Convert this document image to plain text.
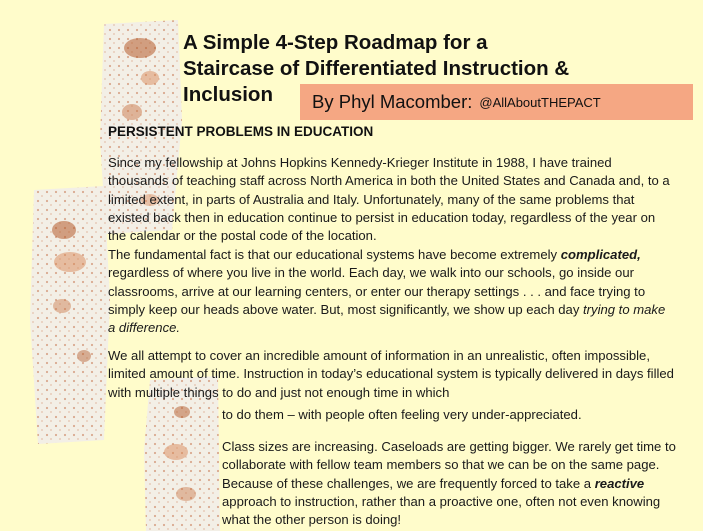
A Simple 4-Step Roadmap for a
Staircase of Differentiated Instruction &
Inclusion	By Phyl Macomber: @AllAboutTHEPACT
PERSISTENT PROBLEMS IN EDUCATION

Since my fellowship at Johns Hopkins Kennedy-Krieger Institute in 1988, I have trained thousands of teaching staff across North America in both the United States and Canada and, to a limited extent, in parts of Australia and Italy. Unfortunately, many of the same problems that existed back then in education continue to persist in education today, regardless of the year on the calendar or the postal code of the location.

The fundamental fact is that our educational systems have become extremely complicated, regardless of where you live in the world. Each day, we walk into our schools, go inside our classrooms, arrive at our learning centers, or enter our therapy settings . . . and face trying to simply keep our heads above water. But, most significantly, we show up each day trying to make a difference.

We all attempt to cover an incredible amount of information in an unrealistic, often impossible, limited amount of time. Instruction in today’s educational system is typically delivered in days filled with multiple things to do and just not enough time in which

to do them – with people often feeling very under-appreciated.

Class sizes are increasing. Caseloads are getting bigger. We rarely get time to collaborate with fellow team members so that we can be on the same page. Because of these challenges, we are frequently forced to take a reactive approach to instruction, rather than a proactive one, often not even knowing what the other person is doing!
